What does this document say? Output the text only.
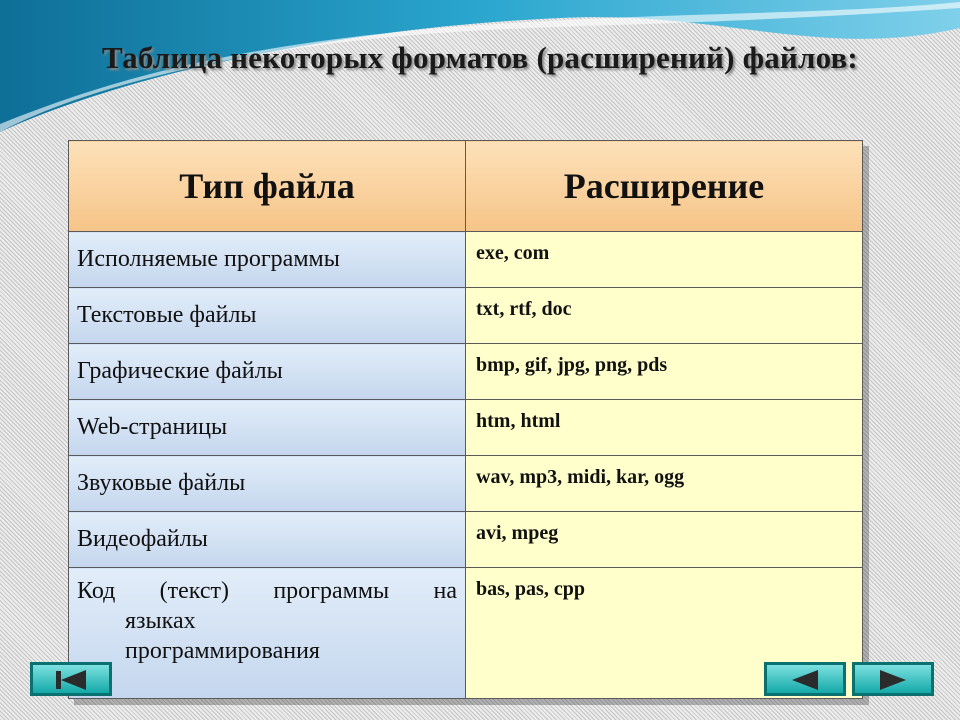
Таблица некоторых форматов (расширений) файлов:
Тип файла	Расширение
Исполняемые программы	exe, com
Текстовые файлы	txt, rtf, doc
Графические файлы	bmp, gif, jpg, png, pds
Web-страницы	htm, html
Звуковые файлы	wav, mp3, midi, kar, ogg
Видеофайлы	avi, mpeg

Код (текст) программы на
языках
программирования	bas, pas, cpp
